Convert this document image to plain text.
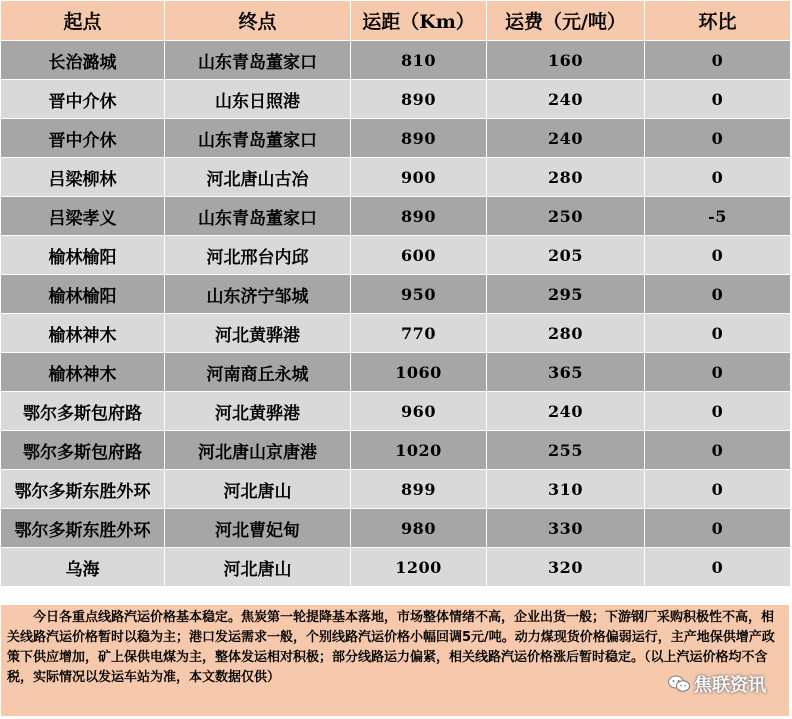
起点	终点	运距（Km）	运费（元/吨）	环比
长治潞城	山东青岛董家口	810	160	0
晋中介休	山东日照港	890	240	0
晋中介休	山东青岛董家口	890	240	0
吕梁柳林	河北唐山古冶	900	280	0
吕梁孝义	山东青岛董家口	890	250	-5
榆林榆阳	河北邢台内邱	600	205	0
榆林榆阳	山东济宁邹城	950	295	0
榆林神木	河北黄骅港	770	280	0
榆林神木	河南商丘永城	1060	365	0
鄂尔多斯包府路	河北黄骅港	960	240	0
鄂尔多斯包府路	河北唐山京唐港	1020	255	0
鄂尔多斯东胜外环	河北唐山	899	310	0
鄂尔多斯东胜外环	河北曹妃甸	980	330	0
乌海	河北唐山	1200	320	0
今日各重点线路汽运价格基本稳定。焦炭第一轮提降基本落地，市场整体情绪不高，企业出货一般；下游钢厂采购积极性不高，相关线路汽运价格暂时以稳为主；港口发运需求一般，个别线路汽运价格小幅回调5元/吨。动力煤现货价格偏弱运行，主产地保供增产政策下供应增加，矿上保供电煤为主，整体发运相对积极；部分线路运力偏紧，相关线路汽运价格涨后暂时稳定。（以上汽运价格均不含税，实际情况以发运车站为准，本文数据仅供）	焦联资讯
